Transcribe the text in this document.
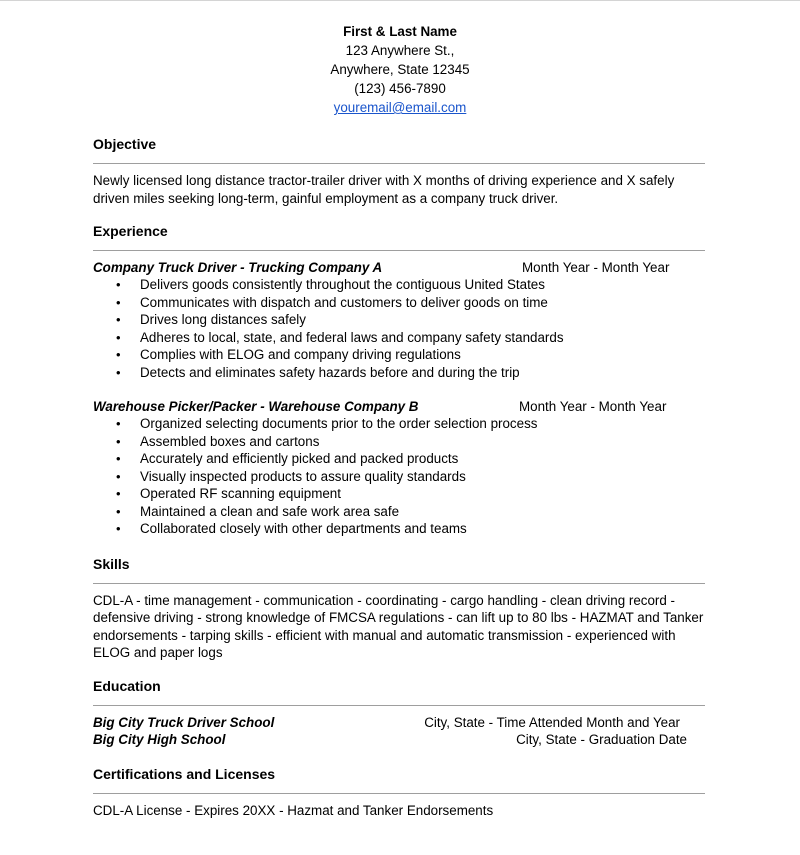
First & Last Name
123 Anywhere St.,
Anywhere, State 12345
(123) 456-7890
youremail@email.com
Objective
Newly licensed long distance tractor-trailer driver with X months of driving experience and X safely driven miles seeking long-term, gainful employment as a company truck driver.
Experience
Company Truck Driver - Trucking Company A	Month Year - Month Year
• Delivers goods consistently throughout the contiguous United States
• Communicates with dispatch and customers to deliver goods on time
• Drives long distances safely
• Adheres to local, state, and federal laws and company safety standards
• Complies with ELOG and company driving regulations
• Detects and eliminates safety hazards before and during the trip
Warehouse Picker/Packer - Warehouse Company B	Month Year - Month Year
• Organized selecting documents prior to the order selection process
• Assembled boxes and cartons
• Accurately and efficiently picked and packed products
• Visually inspected products to assure quality standards
• Operated RF scanning equipment
• Maintained a clean and safe work area safe
• Collaborated closely with other departments and teams
Skills
CDL-A - time management - communication - coordinating - cargo handling - clean driving record - defensive driving - strong knowledge of FMCSA regulations - can lift up to 80 lbs - HAZMAT and Tanker endorsements - tarping skills - efficient with manual and automatic transmission - experienced with ELOG and paper logs
Education
Big City Truck Driver School	City, State - Time Attended Month and Year
Big City High School	City, State - Graduation Date
Certifications and Licenses
CDL-A License - Expires 20XX - Hazmat and Tanker Endorsements
